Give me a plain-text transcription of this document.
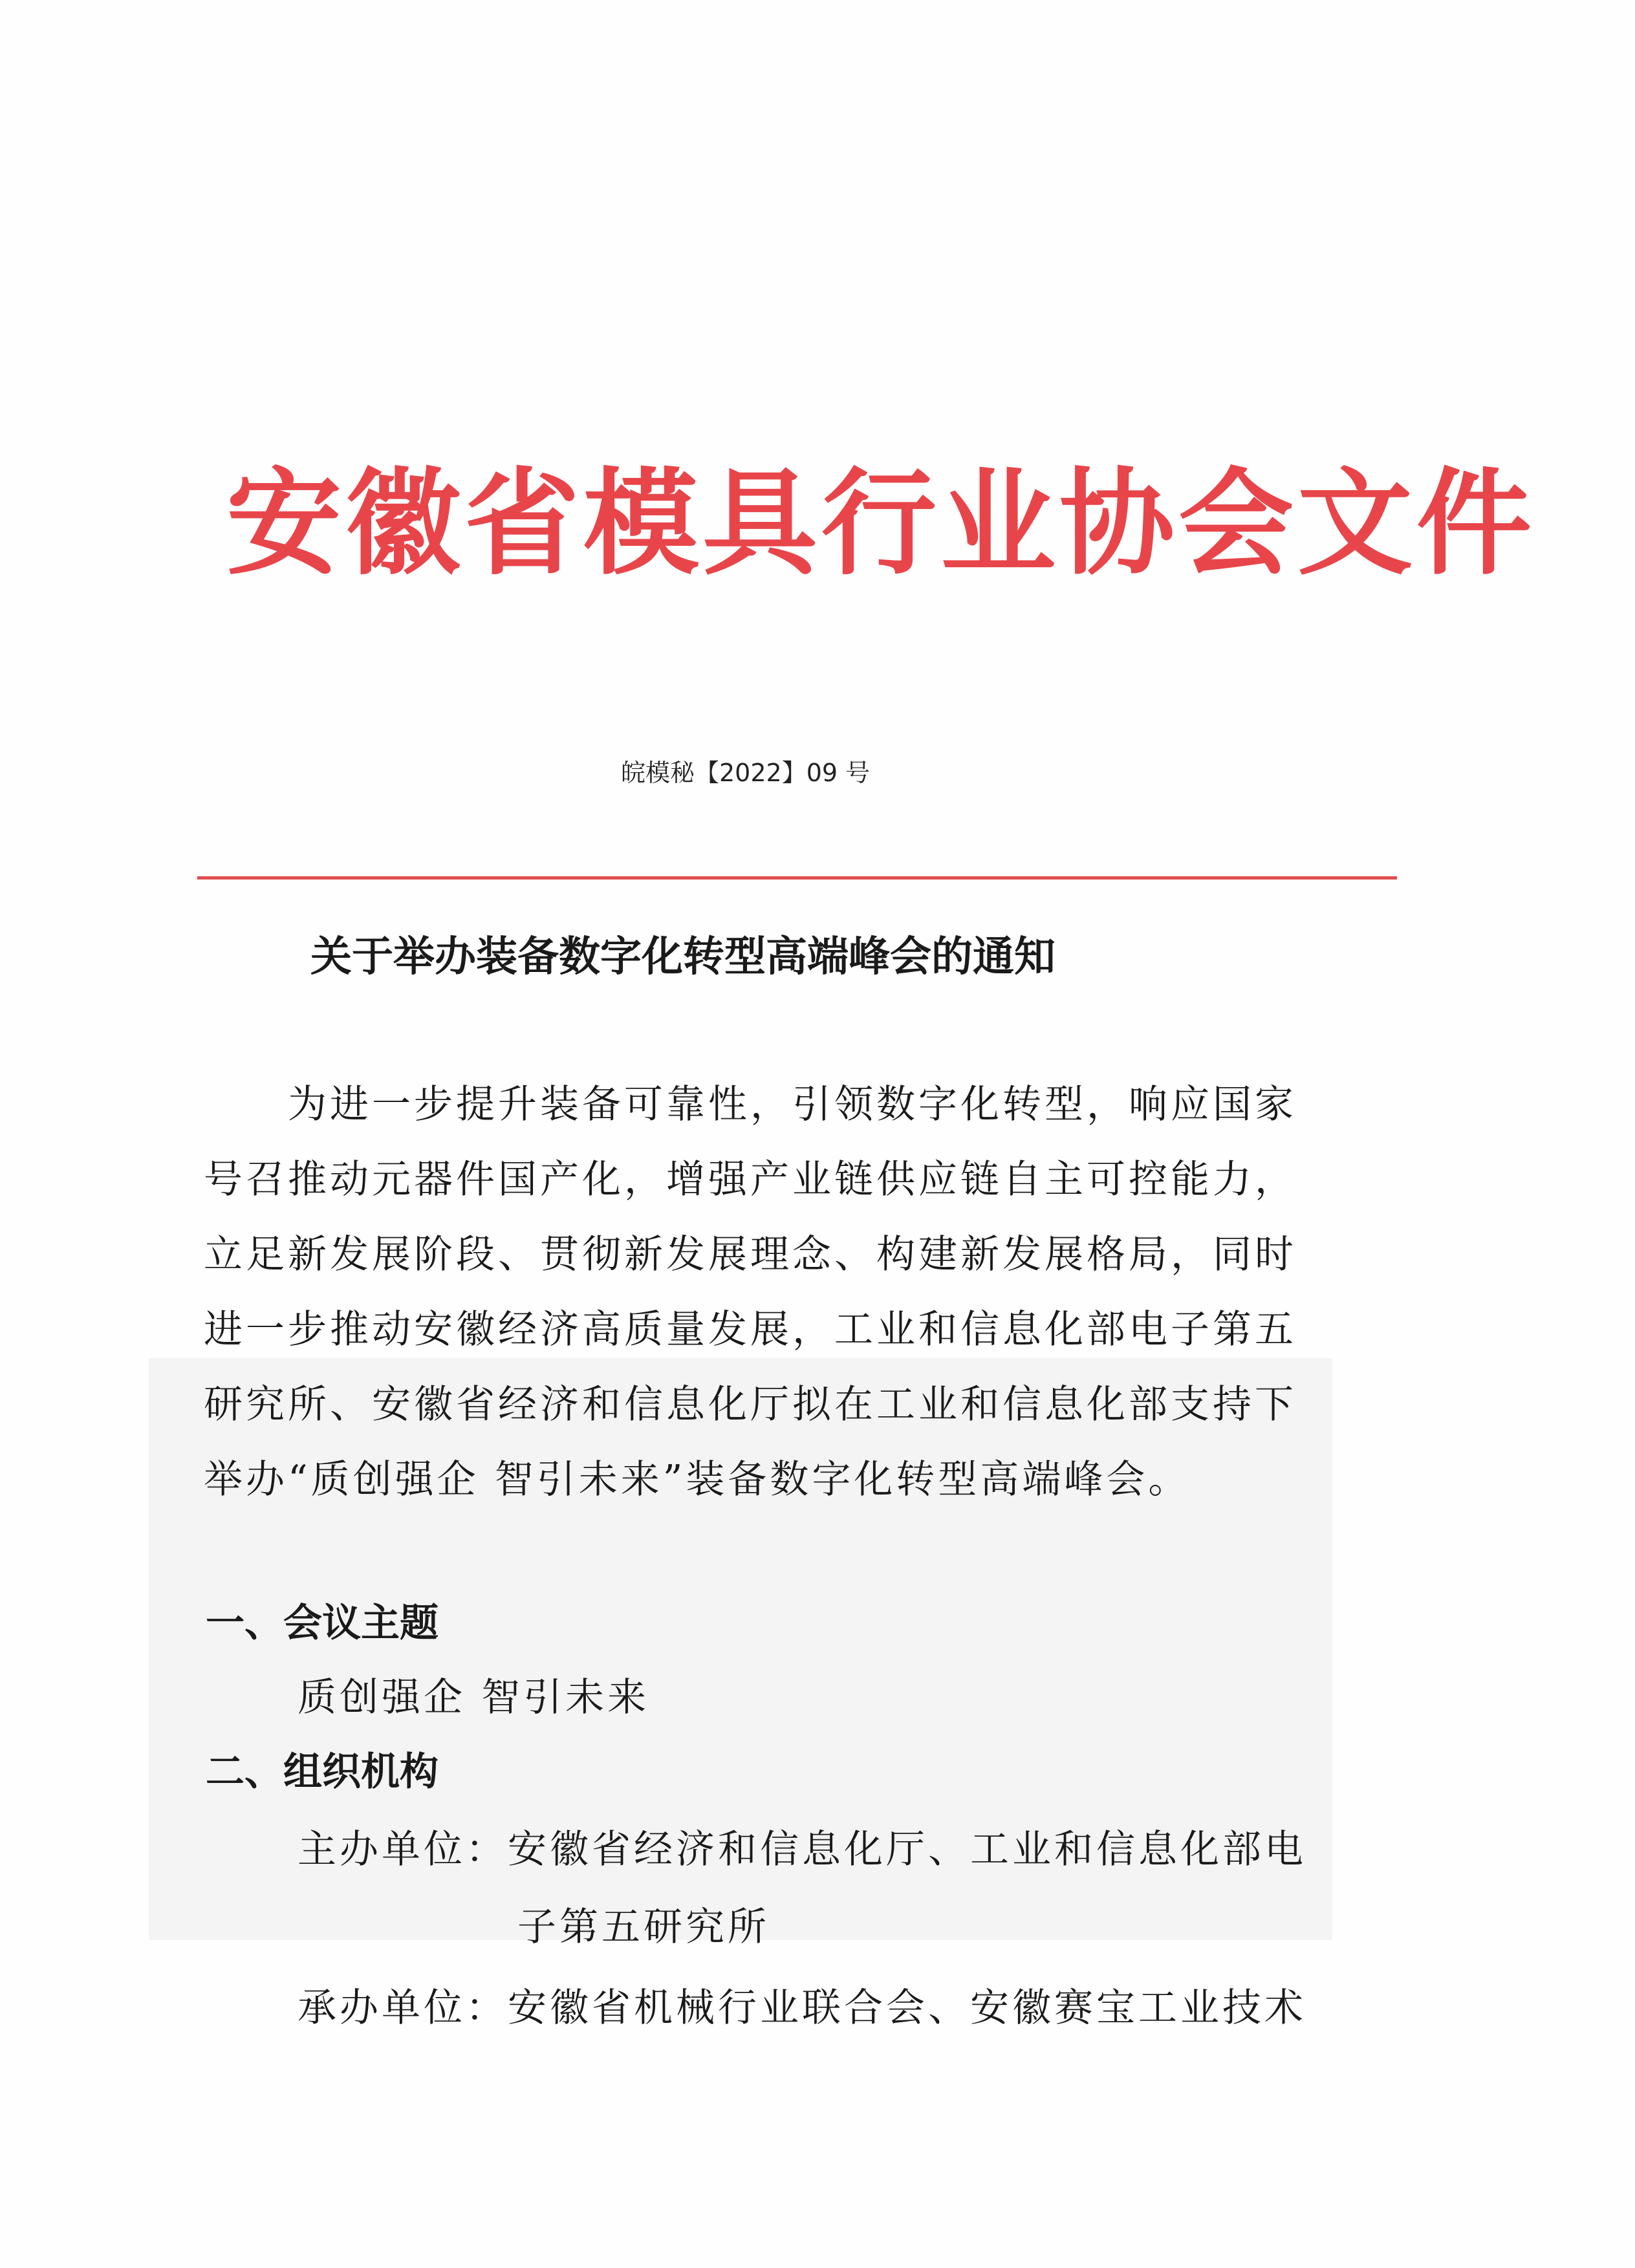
安徽省模具行业协会文件
皖模秘【2022】09 号
关于举办装备数字化转型高端峰会的通知
　　为进一步提升装备可靠性，引领数字化转型，响应国家
号召推动元器件国产化，增强产业链供应链自主可控能力，
立足新发展阶段、贯彻新发展理念、构建新发展格局，同时
进一步推动安徽经济高质量发展，工业和信息化部电子第五
研究所、安徽省经济和信息化厅拟在工业和信息化部支持下
举办“质创强企 智引未来”装备数字化转型高端峰会。
一、会议主题
质创强企 智引未来
二、组织机构
主办单位：安徽省经济和信息化厅、工业和信息化部电
子第五研究所
承办单位：安徽省机械行业联合会、安徽赛宝工业技术
